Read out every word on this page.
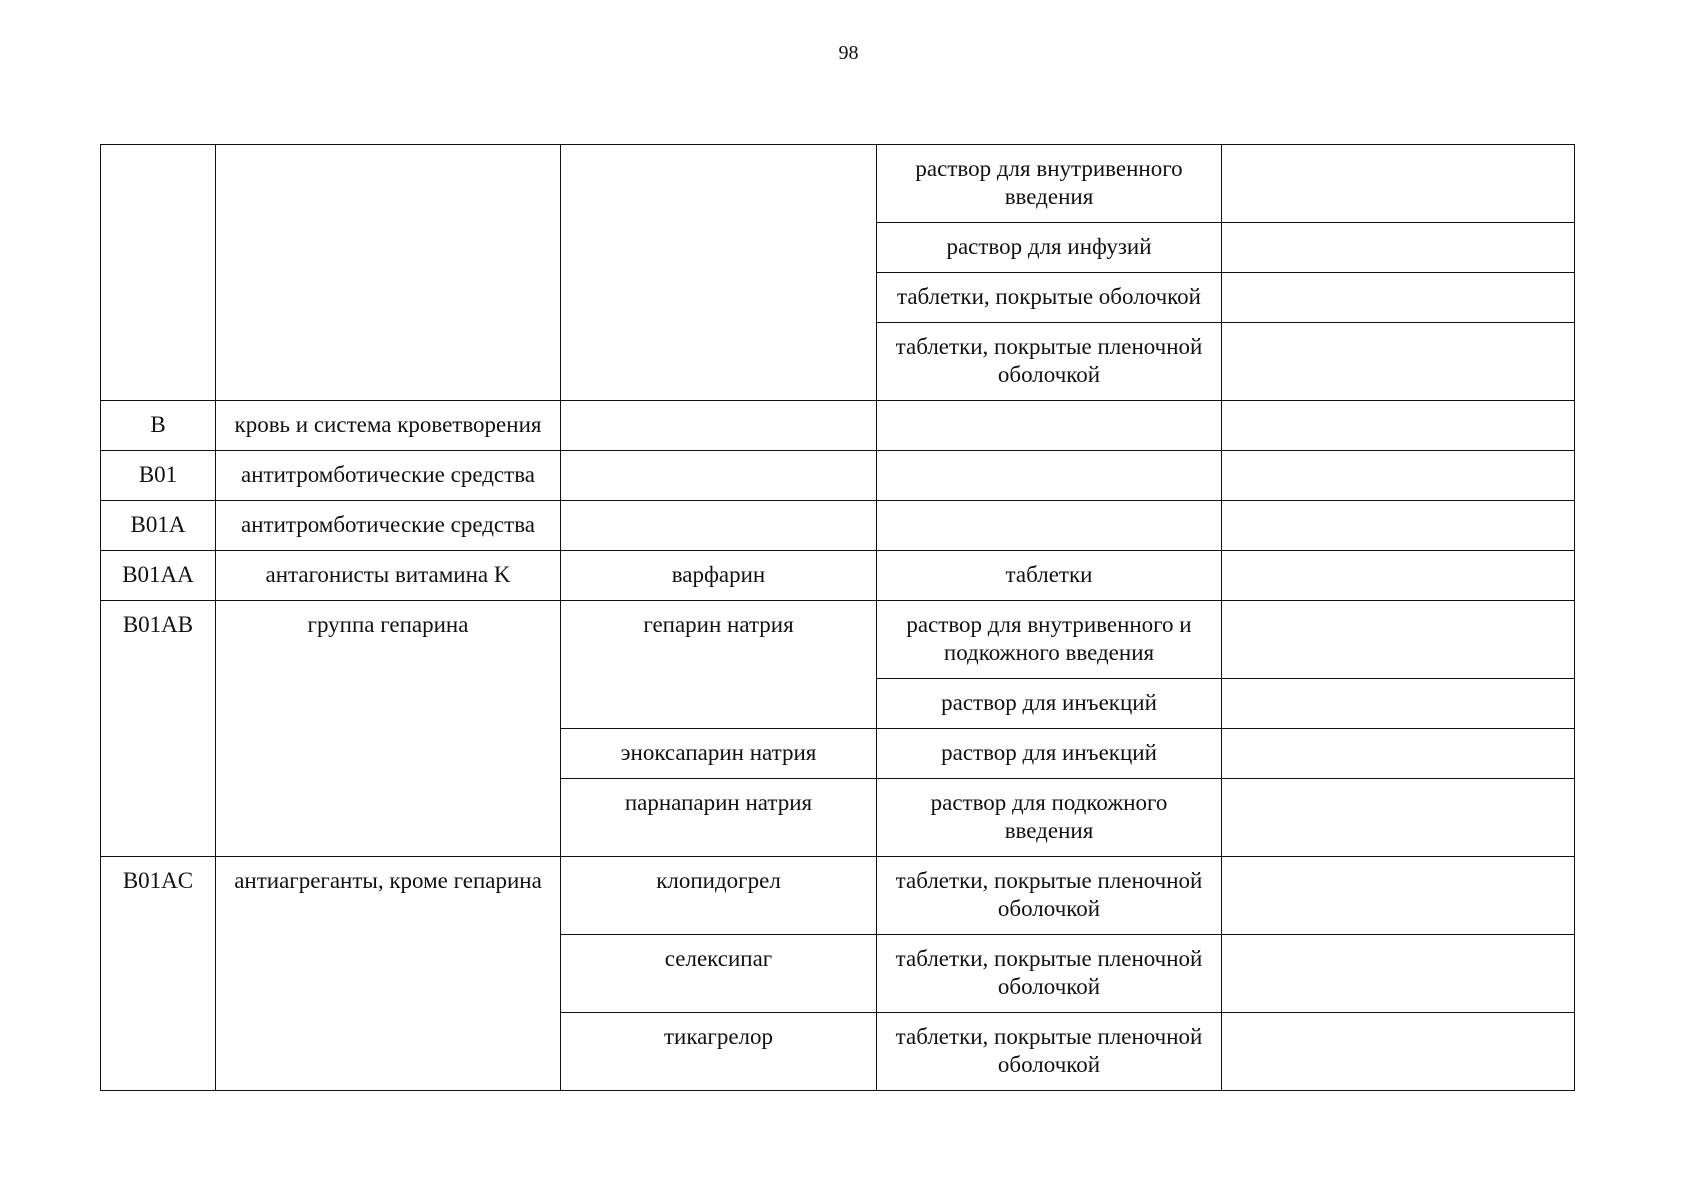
98
			раствор для внутривенного введения	
			раствор для инфузий	
			таблетки, покрытые оболочкой	
			таблетки, покрытые пленочной оболочкой	
B	кровь и система кроветворения			
B01	антитромботические средства			
B01A	антитромботические средства			
B01AA	антагонисты витамина K	варфарин	таблетки	
B01AB	группа гепарина	гепарин натрия	раствор для внутривенного и подкожного введения	
			раствор для инъекций	
		эноксапарин натрия	раствор для инъекций	
		парнапарин натрия	раствор для подкожного введения	
B01AC	антиагреганты, кроме гепарина	клопидогрел	таблетки, покрытые пленочной оболочкой	
		селексипаг	таблетки, покрытые пленочной оболочкой	
		тикагрелор	таблетки, покрытые пленочной оболочкой	
